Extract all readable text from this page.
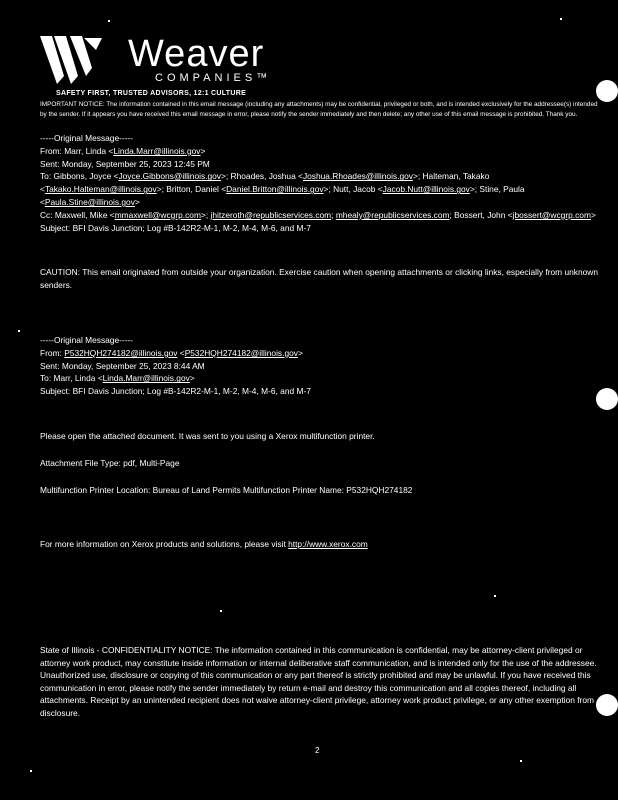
Weaver
COMPANIES™
SAFETY FIRST, TRUSTED ADVISORS, 12:1 CULTURE
IMPORTANT NOTICE: The information contained in this email message (including any attachments) may be confidential, privileged or both, and is intended exclusively for the addressee(s) intended by the sender. If it appears you have received this email message in error, please notify the sender immediately and then delete; any other use of this email message is prohibited. Thank you.

-----Original Message-----

From: Marr, Linda <Linda.Marr@illinois.gov>

Sent: Monday, September 25, 2023 12:45 PM

To: Gibbons, Joyce <Joyce.Gibbons@illinois.gov>; Rhoades, Joshua <Joshua.Rhoades@illinois.gov>; Halteman, Takako <Takako.Halteman@illinois.gov>; Britton, Daniel <Daniel.Britton@illinois.gov>; Nutt, Jacob <Jacob.Nutt@illinois.gov>; Stine, Paula <Paula.Stine@illinois.gov>

Cc: Maxwell, Mike <mmaxwell@wcgrp.com>; jhitzeroth@republicservices.com; mhealy@republicservices.com; Bossert, John <jbossert@wcgrp.com>

Subject: BFI Davis Junction; Log #B-142R2-M-1, M-2, M-4, M-6, and M-7

CAUTION: This email originated from outside your organization. Exercise caution when opening attachments or clicking links, especially from unknown senders.

-----Original Message-----

From: P532HQH274182@illinois.gov <P532HQH274182@illinois.gov>

Sent: Monday, September 25, 2023 8:44 AM

To: Marr, Linda <Linda.Marr@illinois.gov>

Subject: BFI Davis Junction; Log #B-142R2-M-1, M-2, M-4, M-6, and M-7

Please open the attached document. It was sent to you using a Xerox multifunction printer.
Attachment File Type: pdf, Multi-Page
Multifunction Printer Location: Bureau of Land Permits Multifunction Printer Name: P532HQH274182
For more information on Xerox products and solutions, please visit http://www.xerox.com
State of Illinois - CONFIDENTIALITY NOTICE: The information contained in this communication is confidential, may be attorney-client privileged or attorney work product, may constitute inside information or internal deliberative staff communication, and is intended only for the use of the addressee. Unauthorized use, disclosure or copying of this communication or any part thereof is strictly prohibited and may be unlawful. If you have received this communication in error, please notify the sender immediately by return e-mail and destroy this communication and all copies thereof, including all attachments. Receipt by an unintended recipient does not waive attorney-client privilege, attorney work product privilege, or any other exemption from disclosure.
2
